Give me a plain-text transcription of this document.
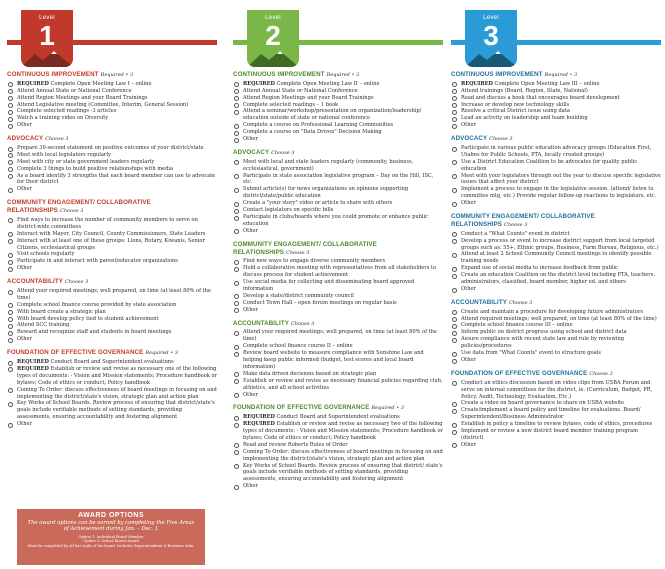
Level
1
CONTINUOUS IMPROVEMENT Required • 3
REQUIRED Complete Open Meeting Law I – online
Attend Annual State or National Conference
Attend Region Meetings and your Board Trainings
Attend Legislative meeting (Committee, Interim, General Session)
Complete selected readings -3 articles
Watch a training video on Diversity
Other
ADVOCACY Choose 3
Prepare 30-second statement on positive outcomes of your district/state
Meet with local legislators regularly
Meet with city or state government leaders regularly
Complete 3 things to build positive relationships with media
As a board identify 3 strengths that each board member can use to advocate for their district
Other
COMMUNITY ENGAGEMENT/ COLLABORATIVE RELATIONSHIPS Choose 3
Find ways to increase the number of community members to serve on district-wide committees
Interact with Mayor, City Council, County Commissioners, State Leaders
Interact with at least one of these groups: Lions, Rotary, Kiwanis, Senior Citizens, ecclesiastical groups
Visit schools regularly
Participate in and interact with parent/educator organizations
Other
ACCOUNTABILITY Choose 3
Attend your required meetings; well prepared, on time (at least 80% of the time)
Complete school finance course provided by state association
With board create a strategic plan
With board develop policy tied to student achievement
Attend SCC training
Reward and recognize staff and students in board meetings
Other
FOUNDATION OF EFFECTIVE GOVERNANCE Required • 3
REQUIRED Conduct Board and Superintendent evaluations
REQUIRED Establish or review and revise as necessary one of the following types of documents: - Vision and Mission statements; Procedure handbook or bylaws; Code of ethics or conduct; Policy handbook
Coming To Order: discuss effectiveness of board meetings in focusing on and implementing the district/state's vision, strategic plan and action plan
Key Works of School Boards. Review process of ensuring that district/state's goals include verifiable methods of setting standards, providing assessments, ensuring accountability and fostering alignment
Other
AWARD OPTIONS
The award options can be earned by completing the Five Areas of Achievement during Jan. – Dec. 1
Option 1: Individual Board Member
Option 2: School Board Award
Must be completed by all but eight of the board. Includes Superintendent & Business Adm.
Level
2
CONTINUOUS IMPROVEMENT Required • 3
REQUIRED Complete Open Meeting Law II – online
Attend Annual State or National Conference
Attend Region Meetings and your Board Trainings
Complete selected readings – 1 book
Attend a seminar/workshop/presentation on organization/leadership/ education outside of state or national conference
Complete a course on Professional Learning Communities
Complete a course on "Data Driven" Decision Making
Other
ADVOCACY Choose 3
Meet with local and state leaders regularly (community, business, ecclesiastical, government)
Participate in state association legislative program – Day on the Hill, ISC, etc.
Submit article(s) for news organizations on opinions supporting district/state/public education
Create a "your story" video or article to share with others
Contact legislators on specific bills
Participate in clubs/boards where you could promote or enhance public education
Other
COMMUNITY ENGAGEMENT/ COLLABORATIVE RELATIONSHIPS Choose 3
Find new ways to engage diverse community members
Hold a collaborative meeting with representatives from all stakeholders to discuss process for student achievement
Use social media for collecting and disseminating board approved information
Develop a state/district community council
Conduct Town Hall – open forum meetings on regular basis
Other
ACCOUNTABILITY Choose 3
Attend your required meetings; well prepared, on time (at least 80% of the time)
Complete school finance course II – online
Review board website to measure compliance with Sunshine Law and helping keep public informed (budget, test scores and local board information)
Make data driven decisions based on strategic plan
Establish or review and revise as necessary financial policies regarding club, athletics, and all school activities
Other
FOUNDATION OF EFFECTIVE GOVERNANCE Required • 3
REQUIRED Conduct Board and Superintendent evaluations
REQUIRED Establish or review and revise as necessary two of the following types of documents: - Vision and Mission statements; Procedure handbook or bylaws; Code of ethics or conduct; Policy handbook
Read and review Roberts Rules of Order
Coming To Order: discuss effectiveness of board meetings in focusing on and implementing the district/state's vision, strategic plan and action plan
Key Works of School Boards. Review process of ensuring that district/ state's goals include verifiable methods of setting standards, providing assessments, ensuring accountability and fostering alignment
Other
Level
3
CONTINUOUS IMPROVEMENT Required • 3
REQUIRED Complete Open Meeting Law III – online
Attend trainings (Board, Region, State, National)
Read and discuss a book that encourages board development
Increase or develop new technology skills
Resolve a critical District issue using data
Lead an activity on leadership and team building
Other
ADVOCACY Choose 3
Participate in various public education advocacy groups (Education First, Utahns for Public Schools, PTA, locally created groups)
Use a District Education Coalition to be advocates for quality public education
Meet with your legislators through out the year to discuss specific legislative issues that affect your district
Implement a process to engage in the legislative session. (attend/ listen to committee mtg, etc.) Provide regular follow-up reactions to legislators, etc.
Other
COMMUNITY ENGAGEMENT/ COLLABORATIVE RELATIONSHIPS Choose 3
Conduct a "What Counts" event in district
Develop a process or event to increase district support from local targeted groups such as: 55+, Ethnic groups, Business, Farm Bureau, Religious, etc.)
Attend at least 2 School Community Council meetings to identify possible training needs
Expand use of social media to increase feedback from public
Create an education Coalition on the district level including PTA, teachers, administrators, classified, board member, higher ed. and others
Other
ACCOUNTABILITY Choose 3
Create and maintain a procedure for developing future administrators
Attend required meetings; well prepared, on time (at least 80% of the time)
Complete school finance course III – online
Inform public on district progress using school and district data
Assure compliance with recent state law and rule by reviewing policies/procedures
Use data from "What Counts" event to structure goals
Other
FOUNDATION OF EFFECTIVE GOVERNANCE Choose 3
Conduct an ethics discussion based on video clips from USBA Forum and serve on internal committees for the district, ie. (Curriculum, Budget, PR, Policy, Audit, Technology, Evaluation, Etc.)
Create a video on board governance to share on USBA website
Create/implement a board policy and timeline for evaluations. Board/ Superintendent/Business Administrator
Establish in policy a timeline to review bylaws, code of ethics, procedures
Implement or review a new district board member training program (district)
Other
